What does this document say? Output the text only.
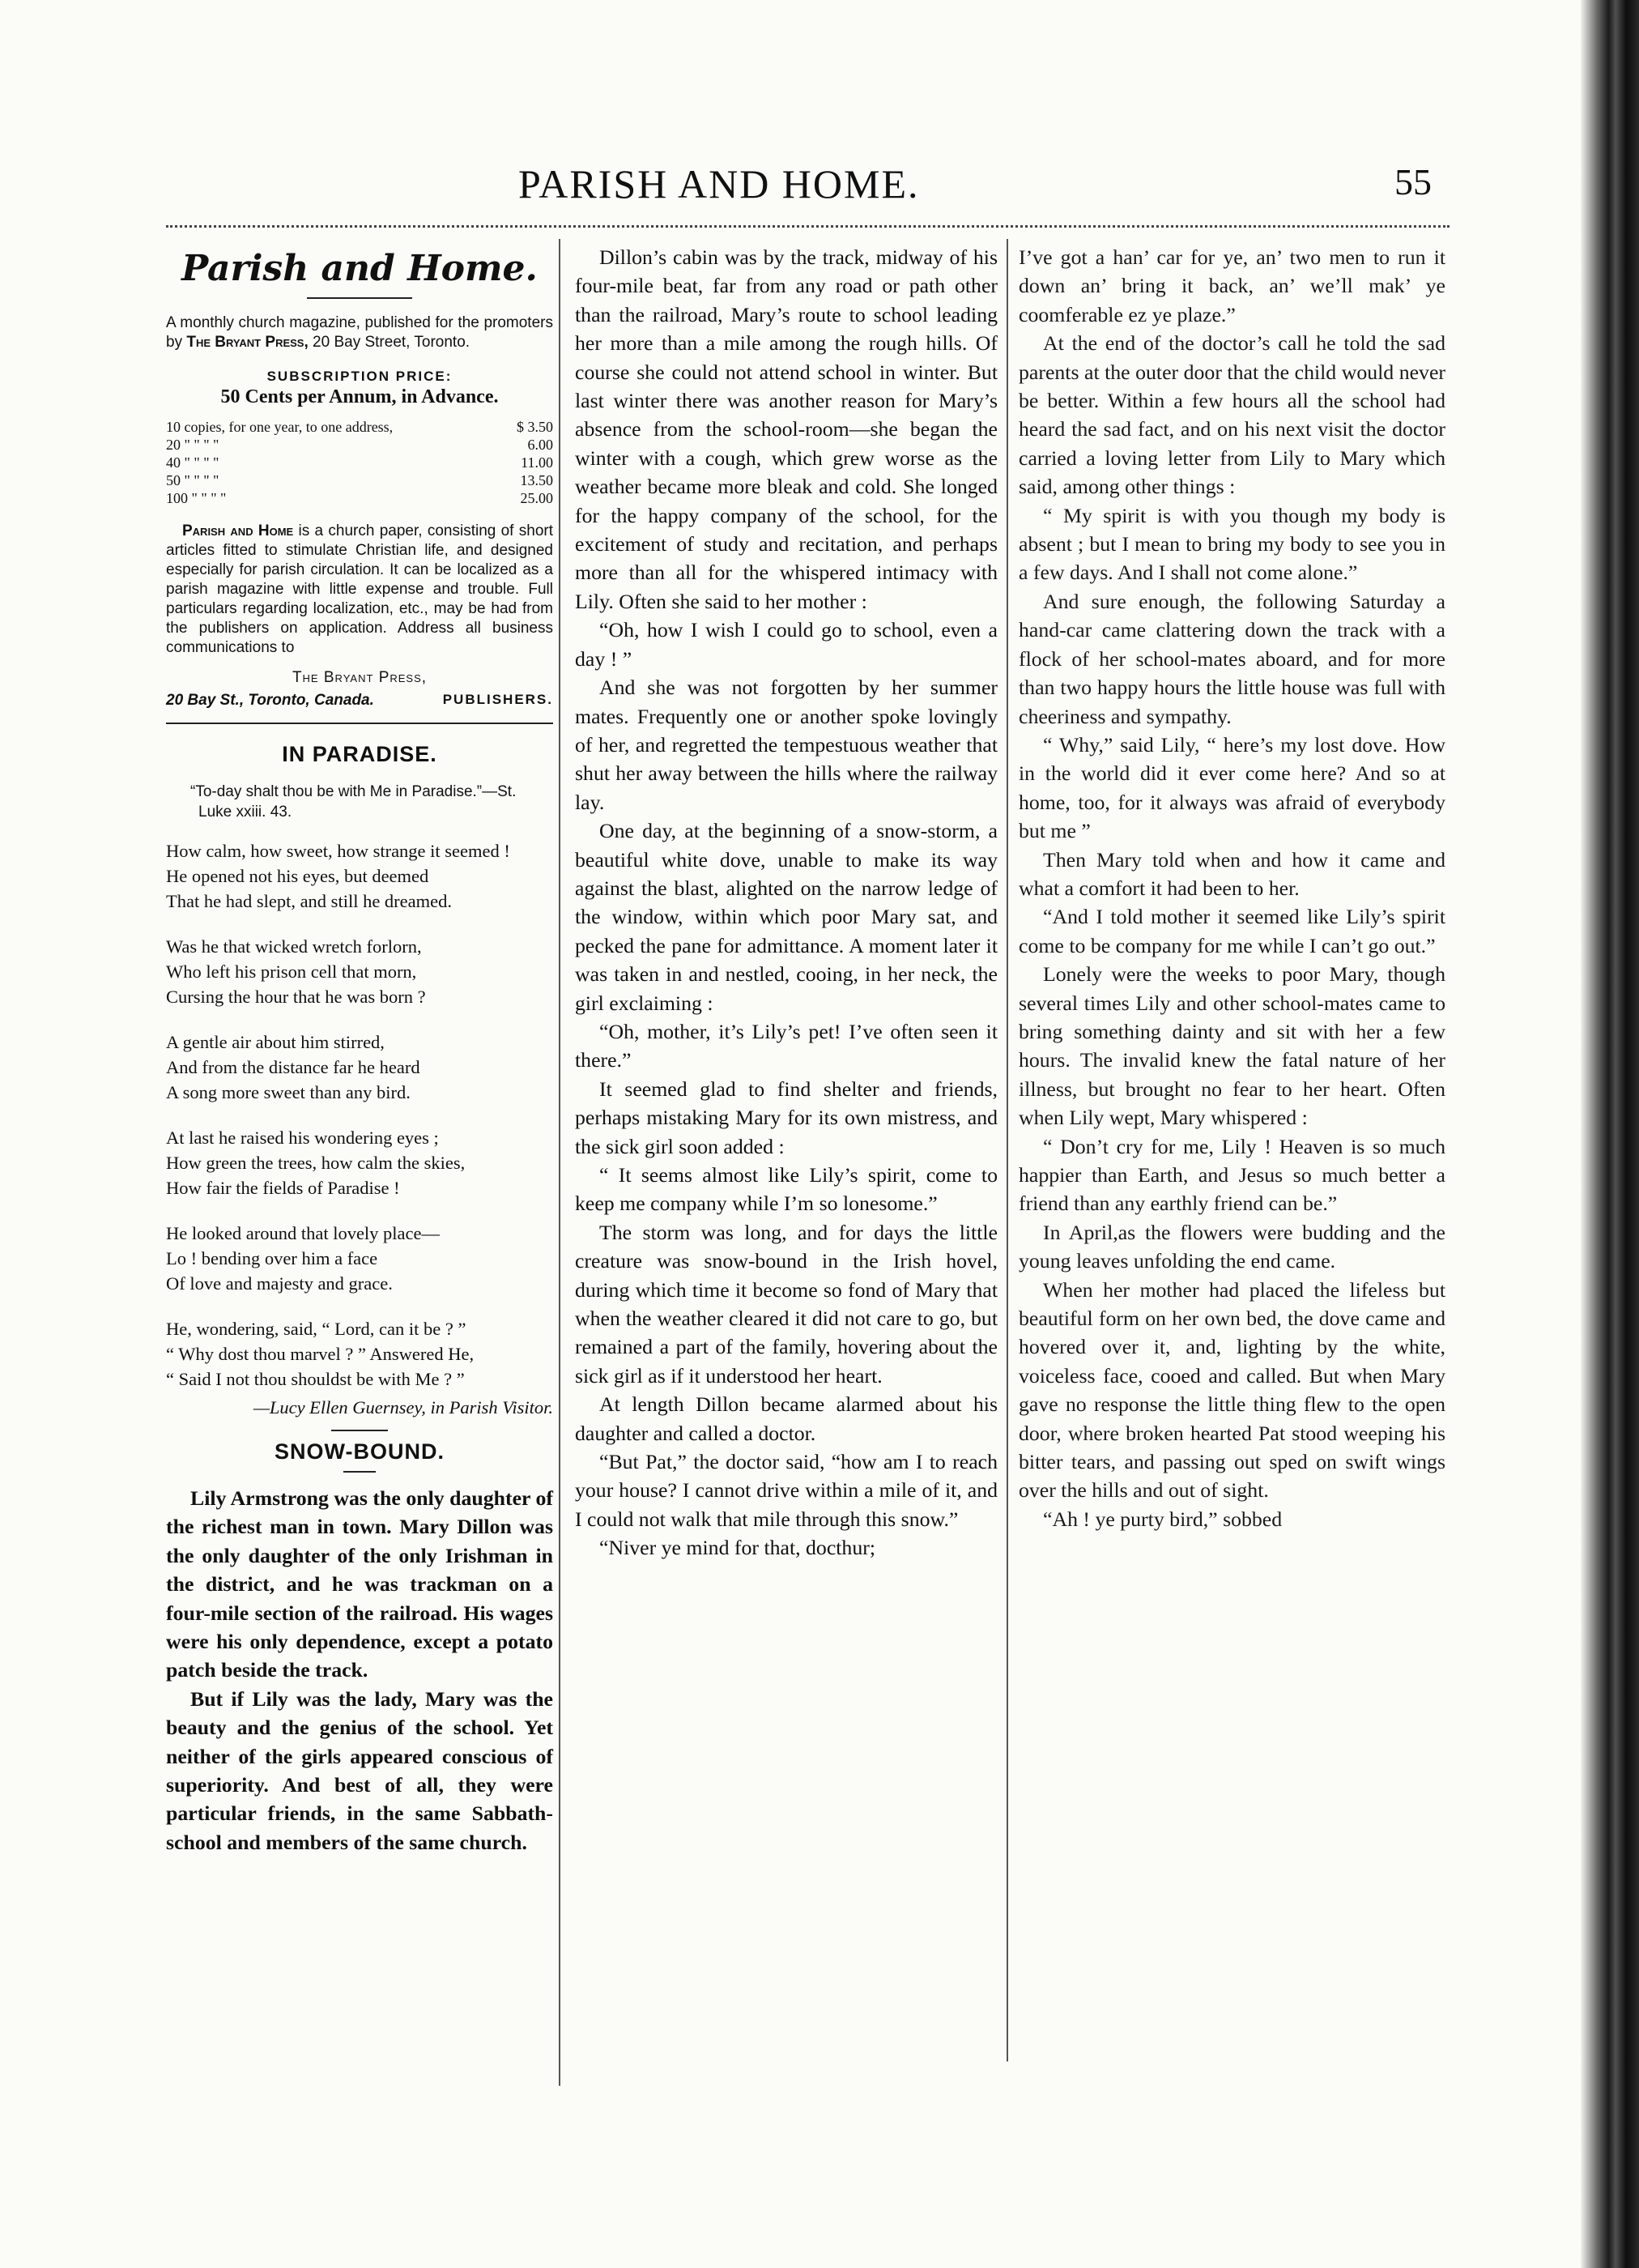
PARISH AND HOME.	55
Parish and Home.
A monthly church magazine, published for the promoters by The Bryant Press, 20 Bay Street, Toronto.
SUBSCRIPTION PRICE:
50 Cents per Annum, in Advance.
10 copies, for one year, to one address,	$ 3.50
20 " " " "	6.00
40 " " " "	11.00
50 " " " "	13.50
100 " " " "	25.00
Parish and Home is a church paper, consisting of short articles fitted to stimulate Christian life, and designed especially for parish circulation. It can be localized as a parish magazine with little expense and trouble. Full particulars regarding localization, etc., may be had from the publishers on application. Address all business communications to
The Bryant Press,
20 Bay St., Toronto, Canada.	PUBLISHERS.
IN PARADISE.
“To-day shalt thou be with Me in Paradise.”—St. Luke xxiii. 43.
How calm, how sweet, how strange it seemed !
He opened not his eyes, but deemed
That he had slept, and still he dreamed.
Was he that wicked wretch forlorn,
Who left his prison cell that morn,
Cursing the hour that he was born ?
A gentle air about him stirred,
And from the distance far he heard
A song more sweet than any bird.
At last he raised his wondering eyes ;
How green the trees, how calm the skies,
How fair the fields of Paradise !
He looked around that lovely place—
Lo ! bending over him a face
Of love and majesty and grace.
He, wondering, said, “ Lord, can it be ? ”
“ Why dost thou marvel ? ” Answered He,
“ Said I not thou shouldst be with Me ? ”
—Lucy Ellen Guernsey, in Parish Visitor.
SNOW-BOUND.

Lily Armstrong was the only daughter of the richest man in town. Mary Dillon was the only daughter of the only Irishman in the district, and he was trackman on a four-mile section of the railroad. His wages were his only dependence, except a potato patch beside the track.

But if Lily was the lady, Mary was the beauty and the genius of the school. Yet neither of the girls appeared conscious of superiority. And best of all, they were particular friends, in the same Sabbath-school and members of the same church.

Dillon’s cabin was by the track, midway of his four-mile beat, far from any road or path other than the railroad, Mary’s route to school leading her more than a mile among the rough hills. Of course she could not attend school in winter. But last winter there was another reason for Mary’s absence from the school-room—she began the winter with a cough, which grew worse as the weather became more bleak and cold. She longed for the happy company of the school, for the excitement of study and recitation, and perhaps more than all for the whispered intimacy with Lily. Often she said to her mother :

“Oh, how I wish I could go to school, even a day ! ”

And she was not forgotten by her summer mates. Frequently one or another spoke lovingly of her, and regretted the tempestuous weather that shut her away between the hills where the railway lay.

One day, at the beginning of a snow-storm, a beautiful white dove, unable to make its way against the blast, alighted on the narrow ledge of the window, within which poor Mary sat, and pecked the pane for admittance. A moment later it was taken in and nestled, cooing, in her neck, the girl exclaiming :

“Oh, mother, it’s Lily’s pet! I’ve often seen it there.”

It seemed glad to find shelter and friends, perhaps mistaking Mary for its own mistress, and the sick girl soon added :

“ It seems almost like Lily’s spirit, come to keep me company while I’m so lonesome.”

The storm was long, and for days the little creature was snow-bound in the Irish hovel, during which time it become so fond of Mary that when the weather cleared it did not care to go, but remained a part of the family, hovering about the sick girl as if it understood her heart.

At length Dillon became alarmed about his daughter and called a doctor.

“But Pat,” the doctor said, “how am I to reach your house? I cannot drive within a mile of it, and I could not walk that mile through this snow.”

“Niver ye mind for that, docthur;

I’ve got a han’ car for ye, an’ two men to run it down an’ bring it back, an’ we’ll mak’ ye coomferable ez ye plaze.”

At the end of the doctor’s call he told the sad parents at the outer door that the child would never be better. Within a few hours all the school had heard the sad fact, and on his next visit the doctor carried a loving letter from Lily to Mary which said, among other things :

“ My spirit is with you though my body is absent ; but I mean to bring my body to see you in a few days. And I shall not come alone.”

And sure enough, the following Saturday a hand-car came clattering down the track with a flock of her school-mates aboard, and for more than two happy hours the little house was full with cheeriness and sympathy.

“ Why,” said Lily, “ here’s my lost dove. How in the world did it ever come here? And so at home, too, for it always was afraid of everybody but me ”

Then Mary told when and how it came and what a comfort it had been to her.

“And I told mother it seemed like Lily’s spirit come to be company for me while I can’t go out.”

Lonely were the weeks to poor Mary, though several times Lily and other school-mates came to bring something dainty and sit with her a few hours. The invalid knew the fatal nature of her illness, but brought no fear to her heart. Often when Lily wept, Mary whispered :

“ Don’t cry for me, Lily ! Heaven is so much happier than Earth, and Jesus so much better a friend than any earthly friend can be.”

In April,as the flowers were budding and the young leaves unfolding the end came.

When her mother had placed the lifeless but beautiful form on her own bed, the dove came and hovered over it, and, lighting by the white, voiceless face, cooed and called. But when Mary gave no response the little thing flew to the open door, where broken hearted Pat stood weeping his bitter tears, and passing out sped on swift wings over the hills and out of sight.

“Ah ! ye purty bird,” sobbed
